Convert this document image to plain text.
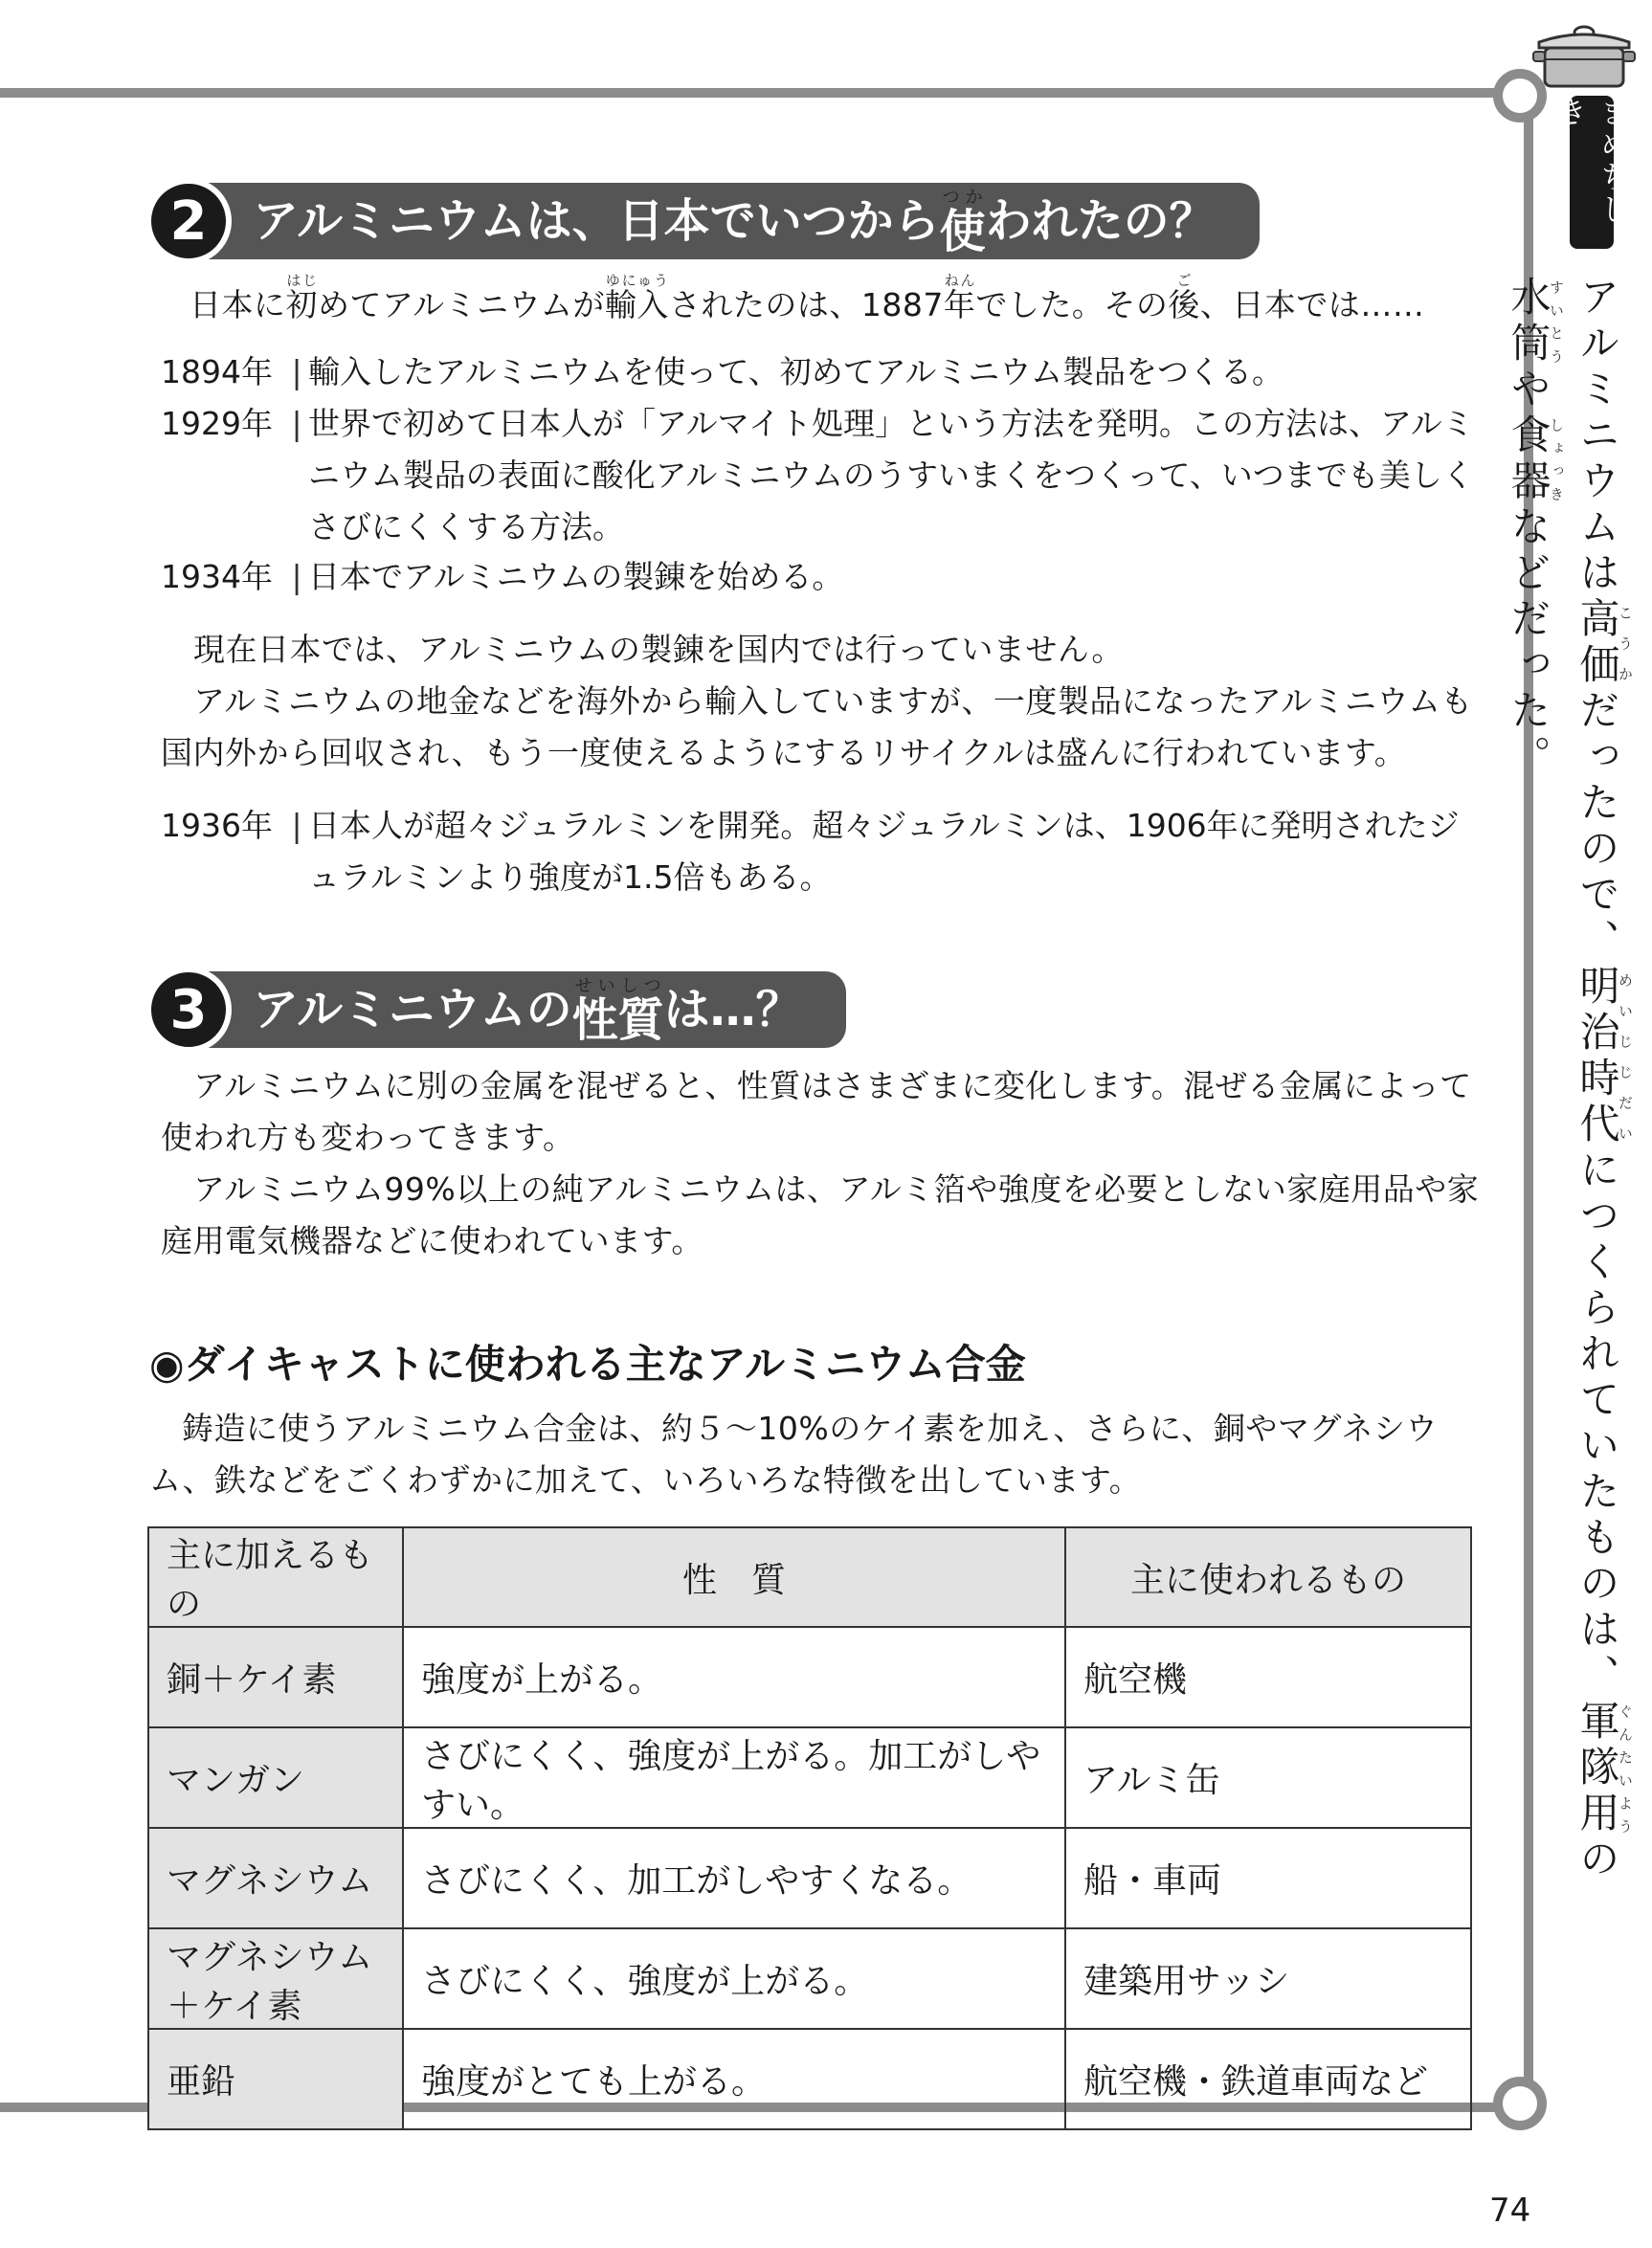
まめちしき
アルミニウムは高価こうかだったので、明治めいじ時代じだいにつくられていたものは、軍隊用ぐんたいようの水筒すいとうや食器しょっきなどだった。
2 アルミニウムは、日本でいつから 使つか われたの？
日本に初はじめてアルミニウムが輸入ゆにゅうされたのは、1887年ねんでした。その後ご、日本では……
1894年 | 輸入したアルミニウムを使って、初めてアルミニウム製品をつくる。
1929年 | 世界で初めて日本人が「アルマイト処理」という方法を発明。この方法は、アルミニウム製品の表面に酸化アルミニウムのうすいまくをつくって、いつまでも美しくさびにくくする方法。
1934年 | 日本でアルミニウムの製錬を始める。
現在日本では、アルミニウムの製錬を国内では行っていません。
アルミニウムの地金などを海外から輸入していますが、一度製品になったアルミニウムも国内外から回収され、もう一度使えるようにするリサイクルは盛んに行われています。
1936年 | 日本人が超々ジュラルミンを開発。超々ジュラルミンは、1906年に発明されたジュラルミンより強度が1.5倍もある。
3 アルミニウムの 性質せいしつ は…？
アルミニウムに別の金属を混ぜると、性質はさまざまに変化します。混ぜる金属によって使われ方も変わってきます。
アルミニウム99%以上の純アルミニウムは、アルミ箔や強度を必要としない家庭用品や家庭用電気機器などに使われています。
◉ダイキャストに使われる主なアルミニウム合金
鋳造に使うアルミニウム合金は、約５～10%のケイ素を加え、さらに、銅やマグネシウム、鉄などをごくわずかに加えて、いろいろな特徴を出しています。
主に加えるもの	性　質	主に使われるもの
銅＋ケイ素	強度が上がる。	航空機
マンガン	さびにくく、強度が上がる。加工がしやすい。	アルミ缶
マグネシウム	さびにくく、加工がしやすくなる。	船・車両
マグネシウム＋ケイ素	さびにくく、強度が上がる。	建築用サッシ
亜鉛	強度がとても上がる。	航空機・鉄道車両など
74
